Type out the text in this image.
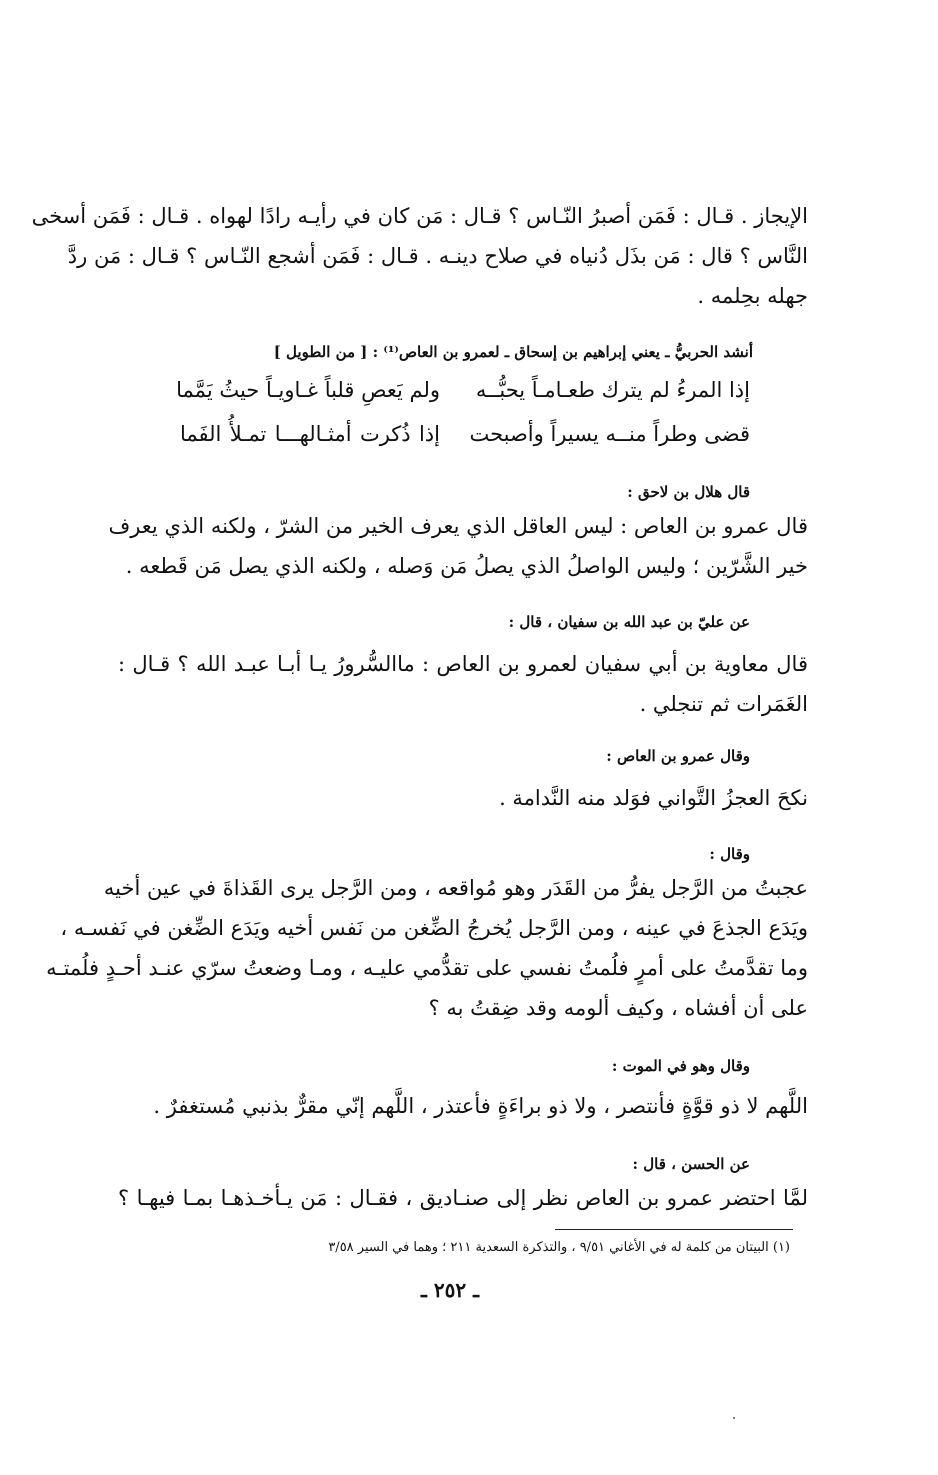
الإيجاز . قـال : فَمَن أصبرُ النّـاس ؟ قـال : مَن كان في رأيـه رادًا لهواه . قـال : فَمَن أسخى
النَّاس ؟ قال : مَن بذَل دُنياه في صلاح دينـه . قـال : فَمَن أشجع النّـاس ؟ قـال : مَن ردَّ
جهله بحِلمه .
أنشد الحربيُّ ـ يعني إبراهيم بن إسحاق ـ لعمرو بن العاص⁽¹⁾ : [ من الطويل ]
إذا المرءُ لم يترك طعـامـاً يحبُّــه
ولم يَعصِ قلباً غـاويـاً حيثُ يَمَّما
قضى وطراً منــه يسيراً وأصبحت
إذا ذُكرت أمثـالهـــا تمـلأُ الفَما
قال هلال بن لاحق :
قال عمرو بن العاص : ليس العاقل الذي يعرف الخير من الشرّ ، ولكنه الذي يعرف
خير الشَّرّين ؛ وليس الواصلُ الذي يصلُ مَن وَصله ، ولكنه الذي يصل مَن قَطعه .
عن عليّ بن عبد الله بن سفيان ، قال :
قال معاوية بن أبي سفيان لعمرو بن العاص : ماالسُّرورُ يـا أبـا عبـد الله ؟ قـال :
الغَمَرات ثم تنجلي .
وقال عمرو بن العاص :
نكحَ العجزُ التَّواني فوَلد منه النَّدامة .
وقال :
عجبتُ من الرَّجل يفرُّ من القَدَر وهو مُواقعه ، ومن الرَّجل يرى القَذاةَ في عين أخيه
ويَدَع الجذعَ في عينه ، ومن الرَّجل يُخرجُ الضِّغن من نَفس أخيه ويَدَع الضِّغن في نَفسـه ،
وما تقدَّمتُ على أمرٍ فلُمتُ نفسي على تقدُّمي عليـه ، ومـا وضعتُ سرّي عنـد أحـدٍ فلُمتـه
على أن أفشاه ، وكيف ألومه وقد ضِقتُ به ؟
وقال وهو في الموت :
اللَّهم لا ذو قوَّةٍ فأنتصر ، ولا ذو براءَةٍ فأعتذر ، اللَّهم إنّي مقرٌّ بذنبي مُستغفرٌ .
عن الحسن ، قال :
لمَّا احتضر عمرو بن العاص نظر إلى صنـاديق ، فقـال : مَن يـأخـذهـا بمـا فيهـا ؟
(١) البيتان من كلمة له في الأغاني ٩/٥١ ، والتذكرة السعدية ٢١١ ؛ وهما في السير ٣/٥٨
ـ ٢٥٢ ـ
